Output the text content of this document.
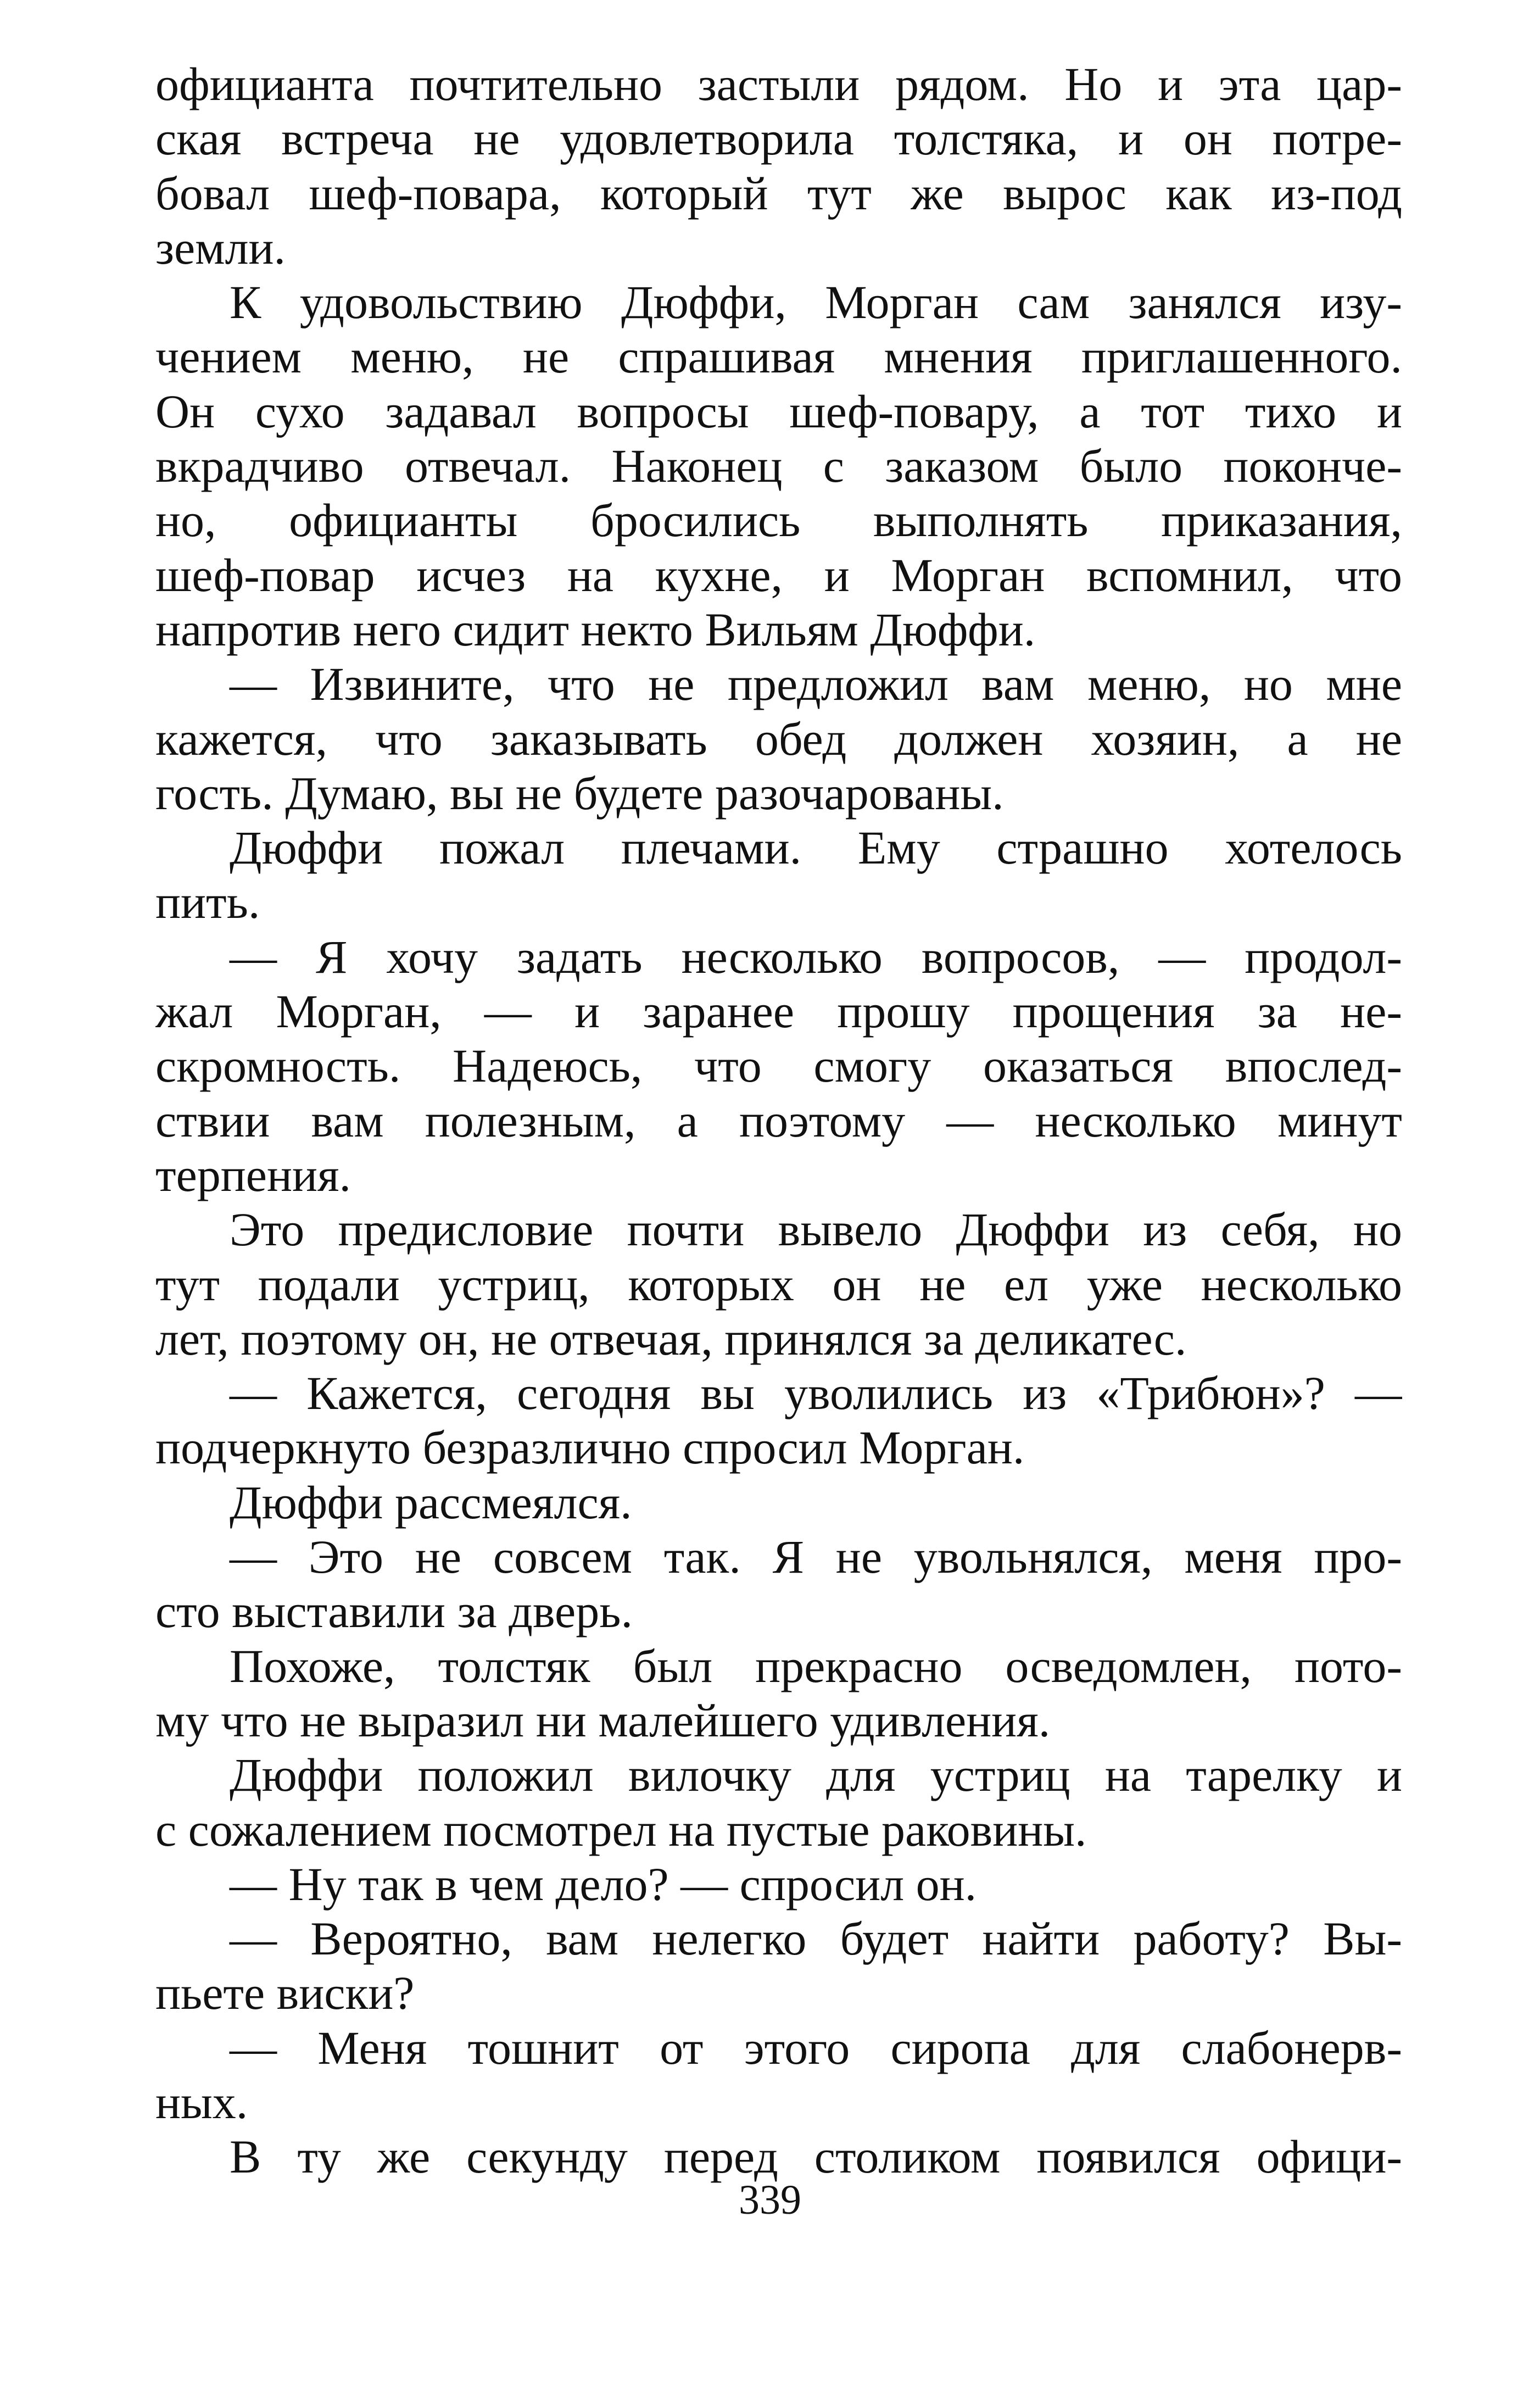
официанта почтительно застыли рядом. Но и эта цар-
ская встреча не удовлетворила толстяка, и он потре-
бовал шеф-повара, который тут же вырос как из-под
земли.
К удовольствию Дюффи, Морган сам занялся изу-
чением меню, не спрашивая мнения приглашенного.
Он сухо задавал вопросы шеф-повару, а тот тихо и
вкрадчиво отвечал. Наконец с заказом было поконче-
но, официанты бросились выполнять приказания,
шеф-повар исчез на кухне, и Морган вспомнил, что
напротив него сидит некто Вильям Дюффи.
— Извините, что не предложил вам меню, но мне
кажется, что заказывать обед должен хозяин, а не
гость. Думаю, вы не будете разочарованы.
Дюффи пожал плечами. Ему страшно хотелось
пить.
— Я хочу задать несколько вопросов, — продол-
жал Морган, — и заранее прошу прощения за не-
скромность. Надеюсь, что смогу оказаться впослед-
ствии вам полезным, а поэтому — несколько минут
терпения.
Это предисловие почти вывело Дюффи из себя, но
тут подали устриц, которых он не ел уже несколько
лет, поэтому он, не отвечая, принялся за деликатес.
— Кажется, сегодня вы уволились из «Трибюн»? —
подчеркнуто безразлично спросил Морган.
Дюффи рассмеялся.
— Это не совсем так. Я не увольнялся, меня про-
сто выставили за дверь.
Похоже, толстяк был прекрасно осведомлен, пото-
му что не выразил ни малейшего удивления.
Дюффи положил вилочку для устриц на тарелку и
с сожалением посмотрел на пустые раковины.
— Ну так в чем дело? — спросил он.
— Вероятно, вам нелегко будет найти работу? Вы-
пьете виски?
— Меня тошнит от этого сиропа для слабонерв-
ных.
В ту же секунду перед столиком появился офици-
339
